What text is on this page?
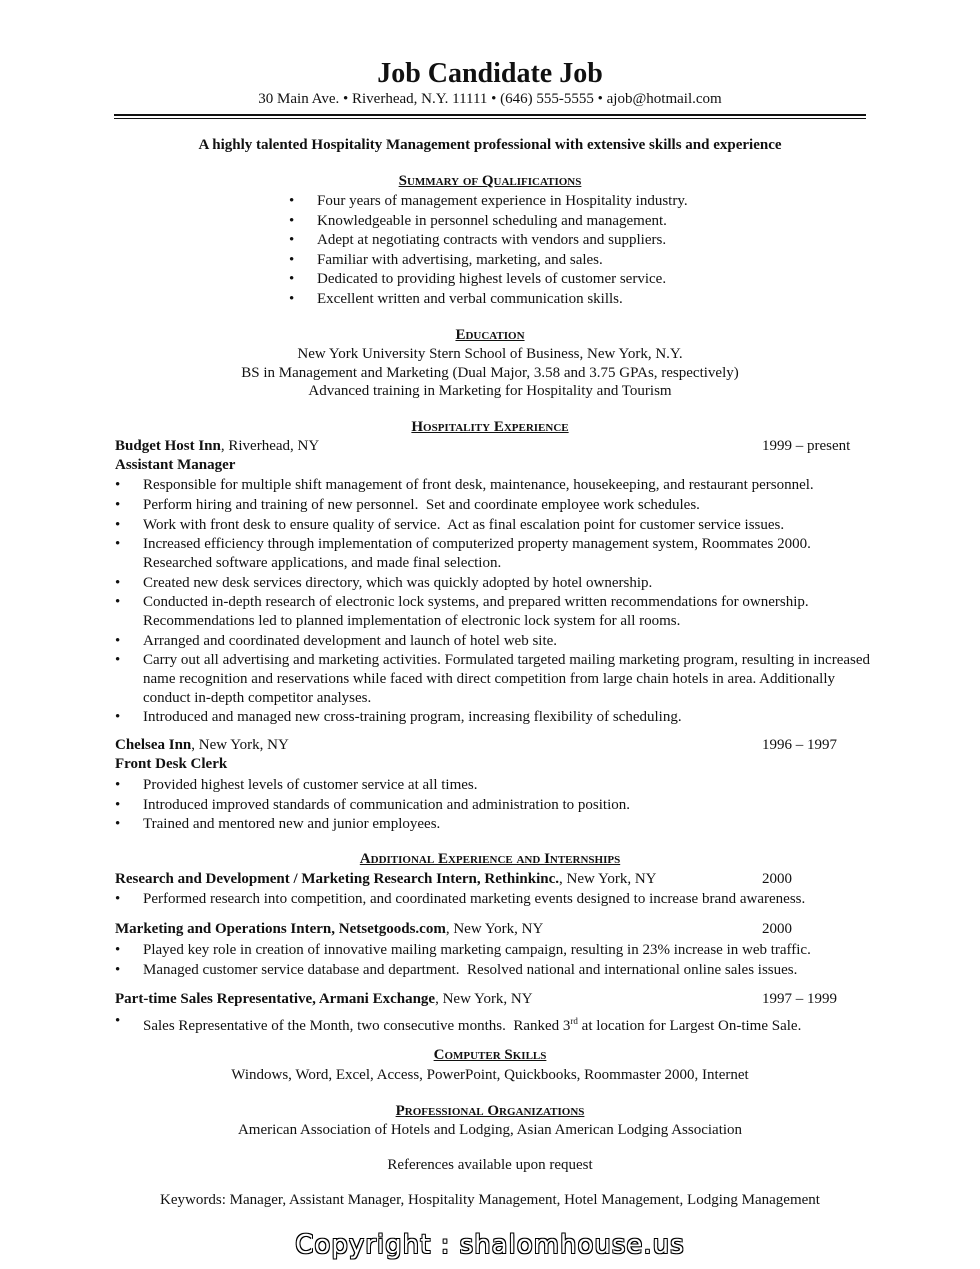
Job Candidate Job
30 Main Ave. • Riverhead, N.Y. 11111 • (646) 555-5555 • ajob@hotmail.com
A highly talented Hospitality Management professional with extensive skills and experience
Summary of Qualifications
• Four years of management experience in Hospitality industry.
• Knowledgeable in personnel scheduling and management.
• Adept at negotiating contracts with vendors and suppliers.
• Familiar with advertising, marketing, and sales.
• Dedicated to providing highest levels of customer service.
• Excellent written and verbal communication skills.
Education
New York University Stern School of Business, New York, N.Y.
BS in Management and Marketing (Dual Major, 3.58 and 3.75 GPAs, respectively)
Advanced training in Marketing for Hospitality and Tourism
Hospitality Experience
Budget Host Inn, Riverhead, NY	1999 – present
Assistant Manager
• Responsible for multiple shift management of front desk, maintenance, housekeeping, and restaurant personnel.
• Perform hiring and training of new personnel.  Set and coordinate employee work schedules.
• Work with front desk to ensure quality of service.  Act as final escalation point for customer service issues.
• Increased efficiency through implementation of computerized property management system, Roommates 2000. Researched software applications, and made final selection.
• Created new desk services directory, which was quickly adopted by hotel ownership.
• Conducted in-depth research of electronic lock systems, and prepared written recommendations for ownership. Recommendations led to planned implementation of electronic lock system for all rooms.
• Arranged and coordinated development and launch of hotel web site.
• Carry out all advertising and marketing activities. Formulated targeted mailing marketing program, resulting in increased name recognition and reservations while faced with direct competition from large chain hotels in area. Additionally conduct in-depth competitor analyses.
• Introduced and managed new cross-training program, increasing flexibility of scheduling.
Chelsea Inn, New York, NY	1996 – 1997
Front Desk Clerk
• Provided highest levels of customer service at all times.
• Introduced improved standards of communication and administration to position.
• Trained and mentored new and junior employees.
Additional Experience and Internships
Research and Development / Marketing Research Intern, Rethinkinc., New York, NY	2000
• Performed research into competition, and coordinated marketing events designed to increase brand awareness.
Marketing and Operations Intern, Netsetgoods.com, New York, NY	2000
• Played key role in creation of innovative mailing marketing campaign, resulting in 23% increase in web traffic.
• Managed customer service database and department.  Resolved national and international online sales issues.
Part-time Sales Representative, Armani Exchange, New York, NY	1997 – 1999
• Sales Representative of the Month, two consecutive months.  Ranked 3rd at location for Largest On-time Sale.
Computer Skills
Windows, Word, Excel, Access, PowerPoint, Quickbooks, Roommaster 2000, Internet
Professional Organizations
American Association of Hotels and Lodging, Asian American Lodging Association
References available upon request
Keywords: Manager, Assistant Manager, Hospitality Management, Hotel Management, Lodging Management
Copyright : shalomhouse.us
